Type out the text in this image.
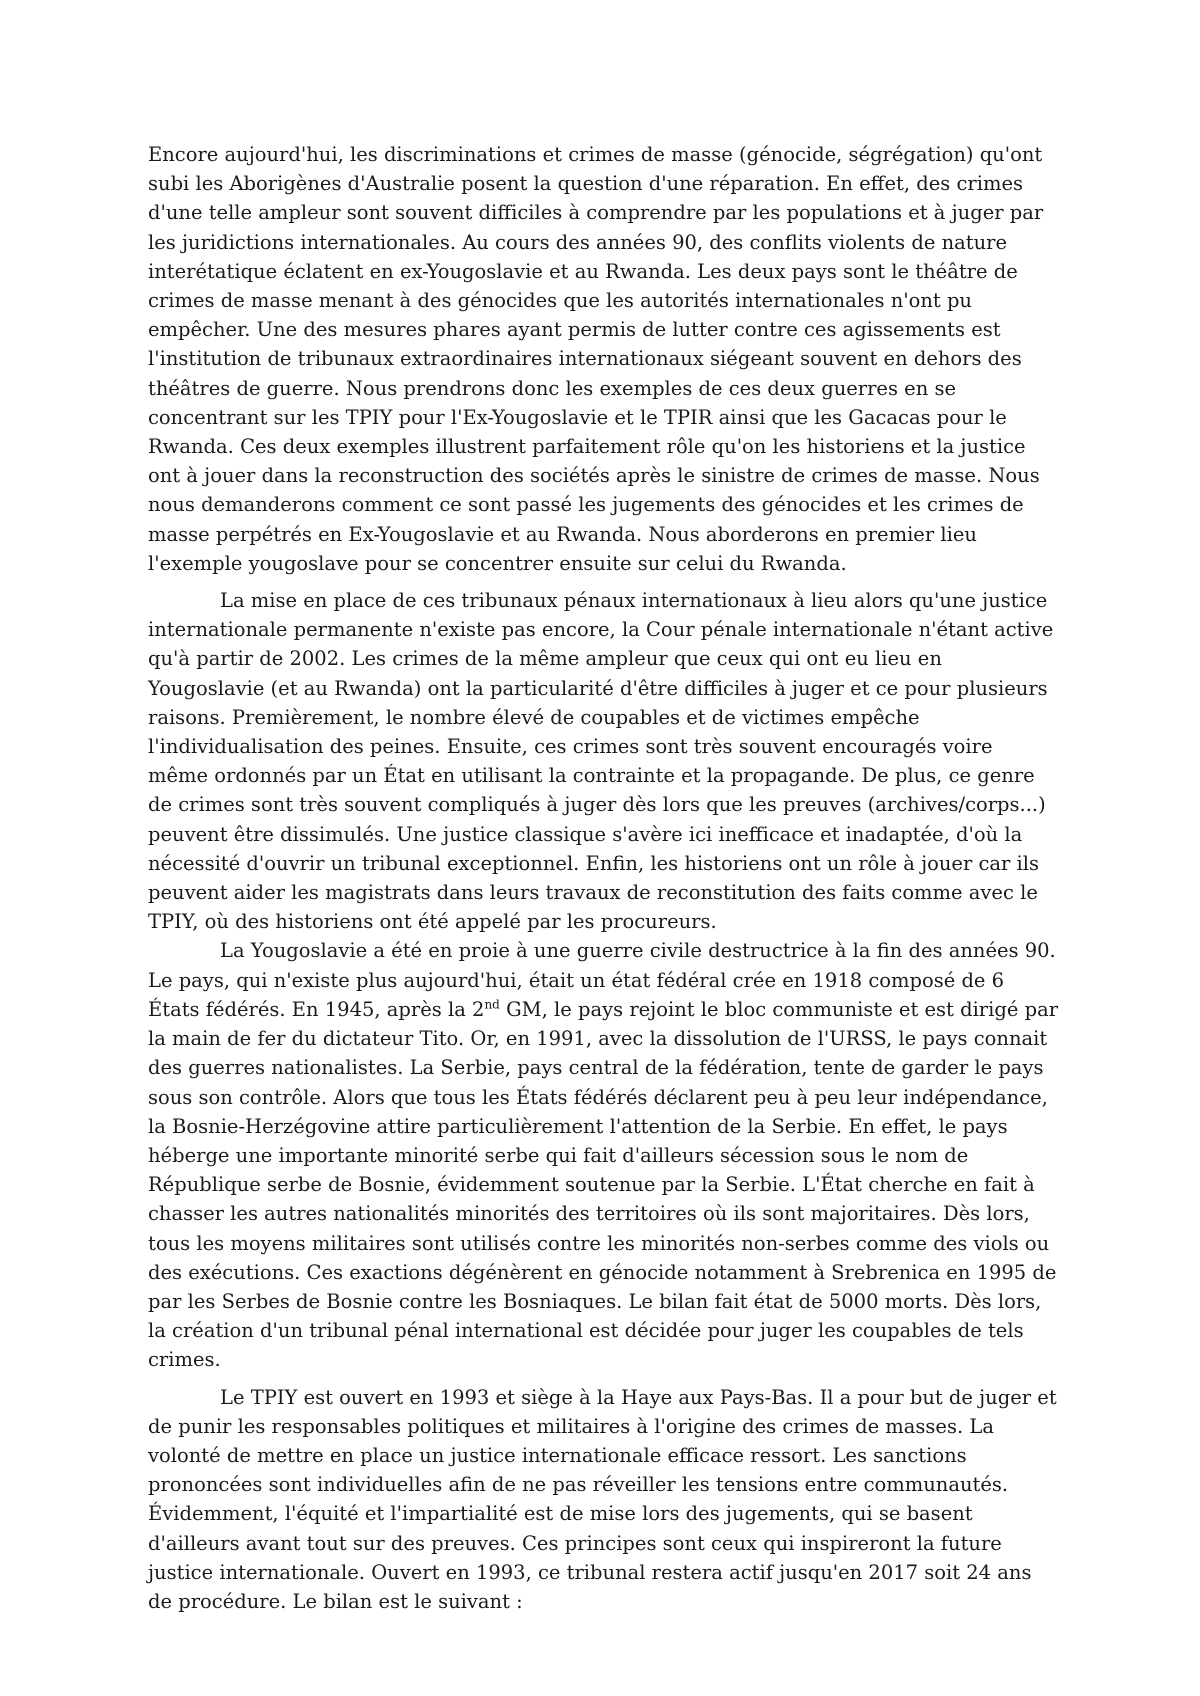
Encore aujourd'hui, les discriminations et crimes de masse (génocide, ségrégation) qu'ont subi les Aborigènes d'Australie posent la question d'une réparation. En effet, des crimes d'une telle ampleur sont souvent difficiles à comprendre par les populations et à juger par les juridictions internationales. Au cours des années 90, des conflits violents de nature interétatique éclatent en ex-Yougoslavie et au Rwanda. Les deux pays sont le théâtre de crimes de masse menant à des génocides que les autorités internationales n'ont pu empêcher. Une des mesures phares ayant permis de lutter contre ces agissements est l'institution de tribunaux extraordinaires internationaux siégeant souvent en dehors des théâtres de guerre. Nous prendrons donc les exemples de ces deux guerres en se concentrant sur les TPIY pour l'Ex-Yougoslavie et le TPIR ainsi que les Gacacas pour le Rwanda. Ces deux exemples illustrent parfaitement rôle qu'on les historiens et la justice ont à jouer dans la reconstruction des sociétés après le sinistre de crimes de masse. Nous nous demanderons comment ce sont passé les jugements des génocides et les crimes de masse perpétrés en Ex-Yougoslavie et au Rwanda. Nous aborderons en premier lieu l'exemple yougoslave pour se concentrer ensuite sur celui du Rwanda.

La mise en place de ces tribunaux pénaux internationaux à lieu alors qu'une justice internationale permanente n'existe pas encore, la Cour pénale internationale n'étant active qu'à partir de 2002. Les crimes de la même ampleur que ceux qui ont eu lieu en Yougoslavie (et au Rwanda) ont la particularité d'être difficiles à juger et ce pour plusieurs raisons. Premièrement, le nombre élevé de coupables et de victimes empêche l'individualisation des peines. Ensuite, ces crimes sont très souvent encouragés voire même ordonnés par un État en utilisant la contrainte et la propagande. De plus, ce genre de crimes sont très souvent compliqués à juger dès lors que les preuves (archives/corps...) peuvent être dissimulés. Une justice classique s'avère ici inefficace et inadaptée, d'où la nécessité d'ouvrir un tribunal exceptionnel. Enfin, les historiens ont un rôle à jouer car ils peuvent aider les magistrats dans leurs travaux de reconstitution des faits comme avec le TPIY, où des historiens ont été appelé par les procureurs.

La Yougoslavie a été en proie à une guerre civile destructrice à la fin des années 90. Le pays, qui n'existe plus aujourd'hui, était un état fédéral crée en 1918 composé de 6 États fédérés. En 1945, après la 2nd GM, le pays rejoint le bloc communiste et est dirigé par la main de fer du dictateur Tito. Or, en 1991, avec la dissolution de l'URSS, le pays connait des guerres nationalistes. La Serbie, pays central de la fédération, tente de garder le pays sous son contrôle. Alors que tous les États fédérés déclarent peu à peu leur indépendance, la Bosnie-Herzégovine attire particulièrement l'attention de la Serbie. En effet, le pays héberge une importante minorité serbe qui fait d'ailleurs sécession sous le nom de République serbe de Bosnie, évidemment soutenue par la Serbie. L'État cherche en fait à chasser les autres nationalités minorités des territoires où ils sont majoritaires. Dès lors, tous les moyens militaires sont utilisés contre les minorités non-serbes comme des viols ou des exécutions. Ces exactions dégénèrent en génocide notamment à Srebrenica en 1995 de par les Serbes de Bosnie contre les Bosniaques. Le bilan fait état de 5000 morts. Dès lors, la création d'un tribunal pénal international est décidée pour juger les coupables de tels crimes.

Le TPIY est ouvert en 1993 et siège à la Haye aux Pays-Bas. Il a pour but de juger et de punir les responsables politiques et militaires à l'origine des crimes de masses. La volonté de mettre en place un justice internationale efficace ressort. Les sanctions prononcées sont individuelles afin de ne pas réveiller les tensions entre communautés. Évidemment, l'équité et l'impartialité est de mise lors des jugements, qui se basent d'ailleurs avant tout sur des preuves. Ces principes sont ceux qui inspireront la future justice internationale. Ouvert en 1993, ce tribunal restera actif jusqu'en 2017 soit 24 ans de procédure. Le bilan est le suivant :
